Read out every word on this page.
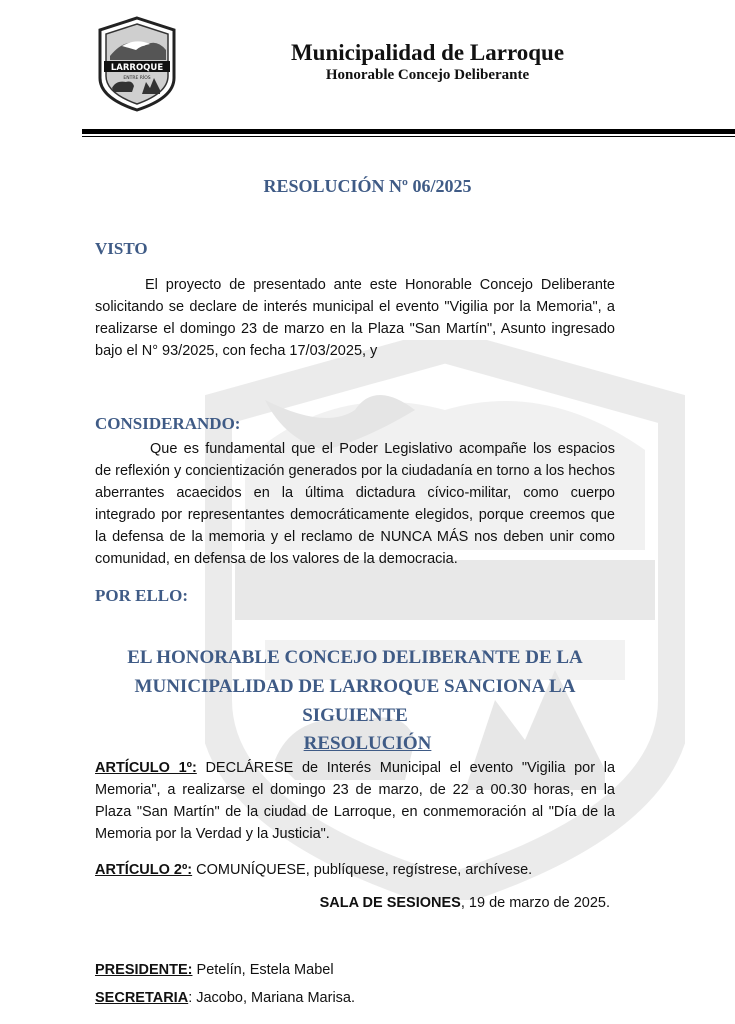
LARROQUE
ENTRE RÍOS
Municipalidad de Larroque
Honorable Concejo Deliberante
RESOLUCIÓN Nº 06/2025
VISTO
El proyecto de presentado ante este Honorable Concejo Deliberante solicitando se declare de interés municipal el evento "Vigilia por la Memoria", a realizarse el domingo 23 de marzo en la Plaza "San Martín", Asunto ingresado bajo el N° 93/2025, con fecha 17/03/2025, y
CONSIDERANDO:
Que es fundamental que el Poder Legislativo acompañe los espacios de reflexión y concientización generados por la ciudadanía en torno a los hechos aberrantes acaecidos en la última dictadura cívico-militar, como cuerpo integrado por representantes democráticamente elegidos, porque creemos que la defensa de la memoria y el reclamo de NUNCA MÁS nos deben unir como comunidad, en defensa de los valores de la democracia.
POR ELLO:
EL HONORABLE CONCEJO DELIBERANTE DE LA MUNICIPALIDAD DE LARROQUE SANCIONA LA SIGUIENTE
RESOLUCIÓN
ARTÍCULO 1º: DECLÁRESE de Interés Municipal el evento "Vigilia por la Memoria", a realizarse el domingo 23 de marzo, de 22 a 00.30 horas, en la Plaza "San Martín" de la ciudad de Larroque, en conmemoración al "Día de la Memoria por la Verdad y la Justicia".
ARTÍCULO 2º: COMUNÍQUESE, publíquese, regístrese, archívese.
SALA DE SESIONES, 19 de marzo de 2025.
PRESIDENTE: Petelín, Estela Mabel
SECRETARIA: Jacobo, Mariana Marisa.
